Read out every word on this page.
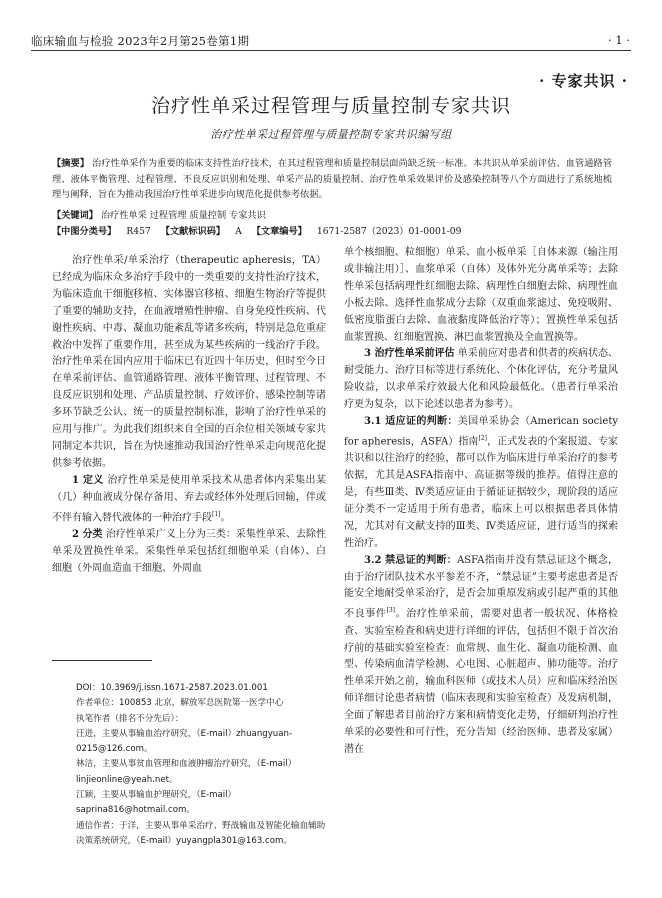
临床输血与检验 2023年2月第25卷第1期	· 1 ·
· 专家共识 ·
治疗性单采过程管理与质量控制专家共识
治疗性单采过程管理与质量控制专家共识编写组
【摘要】 治疗性单采作为重要的临床支持性治疗技术，在其过程管理和质量控制层面尚缺乏统一标准。本共识从单采前评估、血管通路管理、液体平衡管理、过程管理、不良反应识别和处理、单采产品的质量控制、治疗性单采效果评价及感染控制等八个方面进行了系统地梳理与阐释，旨在为推动我国治疗性单采进步向规范化提供参考依据。
【关键词】 治疗性单采 过程管理 质量控制 专家共识
【中图分类号】 R457 【文献标识码】 A 【文章编号】 1671-2587（2023）01-0001-09

治疗性单采/单采治疗（therapeutic apheresis，TA）已经成为临床众多治疗手段中的一类重要的支持性治疗技术，为临床造血干细胞移植、实体器官移植、细胞生物治疗等提供了重要的辅助支持，在血液增殖性肿瘤、自身免疫性疾病、代谢性疾病、中毒、凝血功能紊乱等诸多疾病，特别是急危重症救治中发挥了重要作用，甚至成为某些疾病的一线治疗手段。治疗性单采在国内应用于临床已有近四十年历史，但时至今日在单采前评估、血管通路管理、液体平衡管理、过程管理、不良反应识别和处理、产品质量控制、疗效评价、感染控制等诸多环节缺乏公认、统一的质量控制标准，影响了治疗性单采的应用与推广。为此我们组织来自全国的百余位相关领域专家共同制定本共识，旨在为快速推动我国治疗性单采走向规范化提供参考依据。

1 定义 治疗性单采是使用单采技术从患者体内采集出某（几）种血液成分保存备用、弃去或经体外处理后回输，伴或不伴有输入替代液体的一种治疗手段[1]。

2 分类 治疗性单采广义上分为三类：采集性单采、去除性单采及置换性单采。采集性单采包括红细胞单采（自体）、白细胞（外周血造血干细胞、外周血

单个核细胞、粒细胞）单采、血小板单采［自体来源（输注用或非输注用）］、血浆单采（自体）及体外光分离单采等；去除性单采包括病理性红细胞去除、病理性白细胞去除、病理性血小板去除、选择性血浆成分去除（双重血浆滤过、免疫吸附、低密度脂蛋白去除、血液黏度降低治疗等）；置换性单采包括血浆置换、红细胞置换、淋巴血浆置换及全血置换等。

3 治疗性单采前评估 单采前应对患者和供者的疾病状态、耐受能力、治疗目标等进行系统化、个体化评估，充分考量风险收益，以求单采疗效最大化和风险最低化。（患者行单采治疗更为复杂，以下论述以患者为参考）。

3.1 适应证的判断：美国单采协会（American society for apheresis，ASFA）指南[2]，正式发表的个案报道、专家共识和以往治疗的经验，都可以作为临床进行单采治疗的参考依据，尤其是ASFA指南中、高证据等级的推荐。值得注意的是，有些Ⅲ类、Ⅳ类适应证由于循证证据较少，现阶段的适应证分类不一定适用于所有患者，临床上可以根据患者具体情况，尤其对有文献支持的Ⅲ类、Ⅳ类适应证，进行适当的探索性治疗。

3.2 禁忌证的判断：ASFA指南并没有禁忌证这个概念，由于治疗团队技术水平参差不齐，“禁忌证”主要考虑患者是否能安全地耐受单采治疗，是否会加重原发病或引起严重的其他不良事件[3]。治疗性单采前，需要对患者一般状况、体格检查、实验室检查和病史进行详细的评估，包括但不限于首次治疗前的基础实验室检查：血常规、血生化、凝血功能检测、血型、传染病血清学检测、心电图、心脏超声、肺功能等。治疗性单采开始之前，输血科医师（或技术人员）应和临床经治医师详细讨论患者病情（临床表现和实验室检查）及发病机制，全面了解患者目前治疗方案和病情变化走势，仔细研判治疗性单采的必要性和可行性，充分告知（经治医师、患者及家属）潜在

DOI：10.3969/j.issn.1671-2587.2023.01.001

作者单位：100853 北京，解放军总医院第一医学中心

执笔作者（排名不分先后）：

汪进，主要从事输血治疗研究，（E-mail）zhuangyuan-0215@126.com。

林洁，主要从事贫血管理和血液肿瘤治疗研究，（E-mail）linjieonline@yeah.net。

江颖，主要从事输血护理研究，（E-mail）saprina816@hotmail.com。

通信作者：于洋，主要从事单采治疗、野战输血及智能化输血辅助决策系统研究，（E-mail）yuyangpla301@163.com。
